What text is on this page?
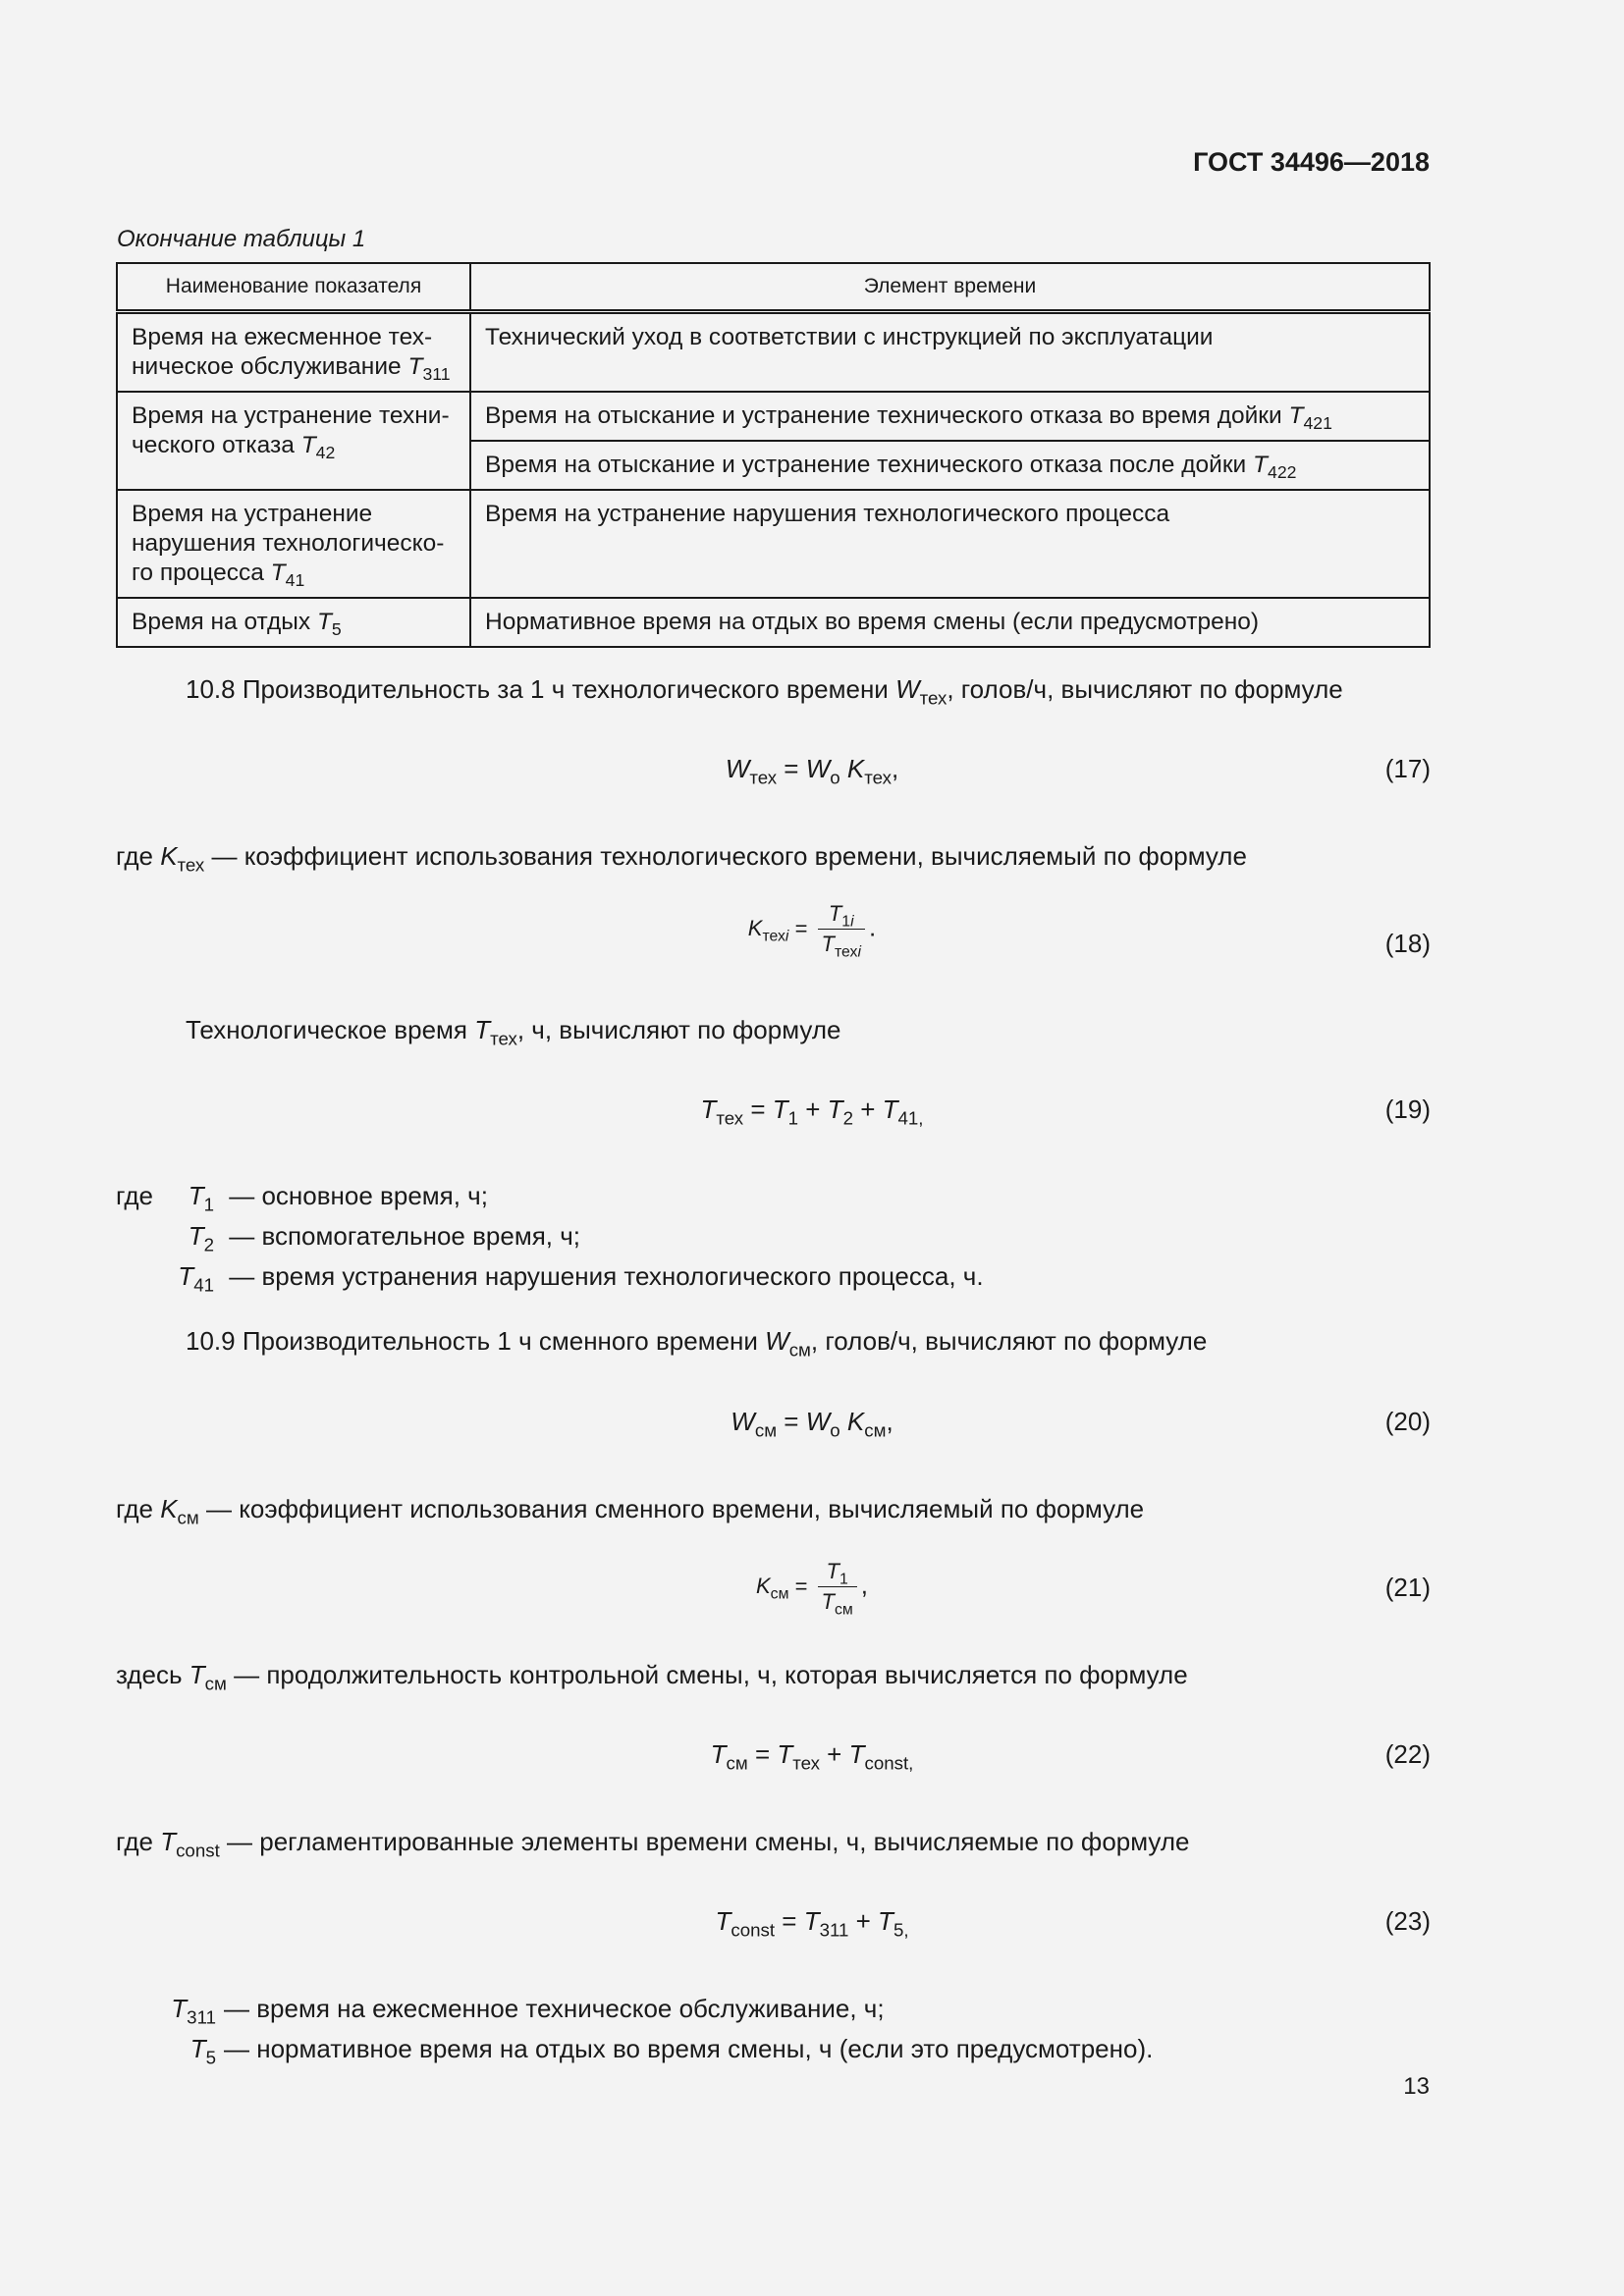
ГОСТ 34496—2018
Окончание таблицы 1
Наименование показателя	Элемент времени
Время на ежесменное тех-
ническое обслуживание $T_{311}$	Технический уход в соответствии с инструкцией по эксплуатации
Время на устранение техни-
ческого отказа $T_{42}$	Время на отыскание и устранение технического отказа во время дойки $T_{421}$
	Время на отыскание и устранение технического отказа после дойки $T_{422}$
Время на устранение
нарушения технологическо-
го процесса $T_{41}$	Время на устранение нарушения технологического процесса
Время на отдых $T_5$	Нормативное время на отдых во время смены (если предусмотрено)
10.8 Производительность за 1 ч технологического времени $W_{тех}$, голов/ч, вычисляют по формуле
$W_{тех} = W_о$ $K_{тех}$,	(17)
где $K_{тех}$ — коэффициент использования технологического времени, вычисляемый по формуле
$K_{техi} = \frac{T_{1i}}{T_{техi}}$ .
(18)
Технологическое время $T_{тех}$, ч, вычисляют по формуле
$T_{тех} = T_1 + T_2 + T_{41,}$	(19)
где $T_1$ — основное время, ч;
$T_2$ — вспомогательное время, ч;
$T_{41}$ — время устранения нарушения технологического процесса, ч.
10.9 Производительность 1 ч сменного времени $W_{см}$, голов/ч, вычисляют по формуле
$W_{см} = W_о$ $K_{см}$,	(20)
где $K_{см}$ — коэффициент использования сменного времени, вычисляемый по формуле
$K_{см} = \frac{T_1}{T_{см}}$ ,	(21)
здесь $T_{см}$ — продолжительность контрольной смены, ч, которая вычисляется по формуле
$T_{см} = T_{тех} + T_{const,}$	(22)
где $T_{const}$ — регламентированные элементы времени смены, ч, вычисляемые по формуле
$T_{const} = T_{311} + T_{5,}$	(23)
$T_{311}$ — время на ежесменное техническое обслуживание, ч;
$T_5$ — нормативное время на отдых во время смены, ч (если это предусмотрено).
13
